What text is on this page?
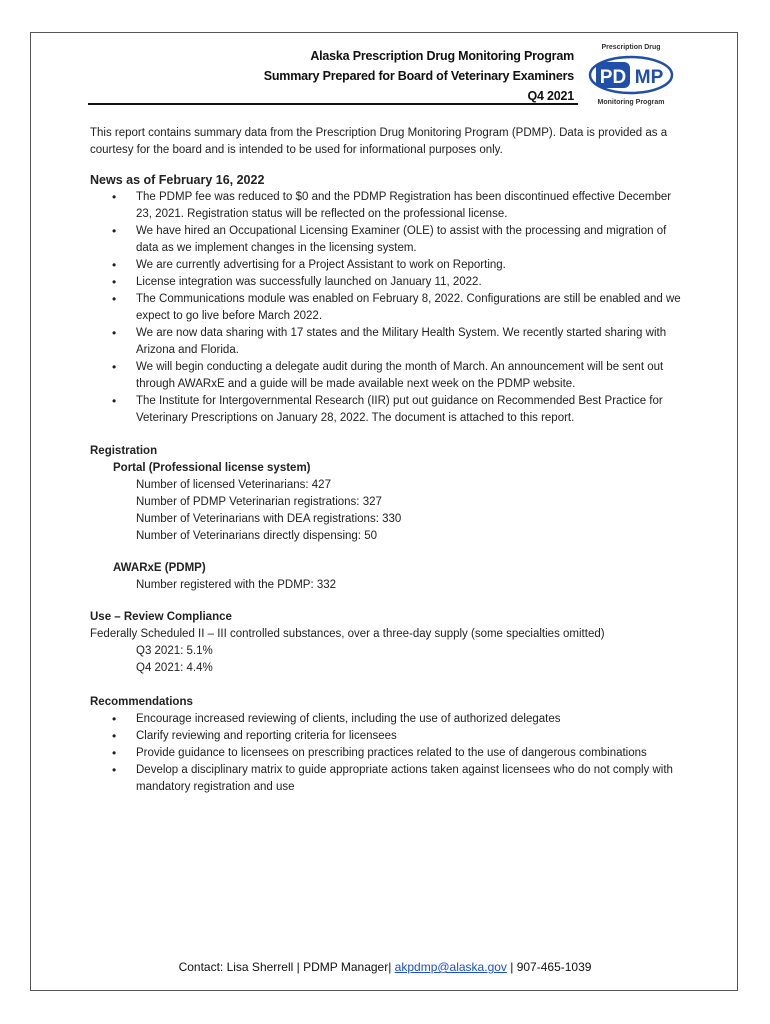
Alaska Prescription Drug Monitoring Program
Summary Prepared for Board of Veterinary Examiners
Q4 2021
Prescription Drug
PD MP
Monitoring Program

This report contains summary data from the Prescription Drug Monitoring Program (PDMP). Data is provided as a courtesy for the board and is intended to be used for informational purposes only.

News as of February 16, 2022

• The PDMP fee was reduced to $0 and the PDMP Registration has been discontinued effective December 23, 2021. Registration status will be reflected on the professional license.
• We have hired an Occupational Licensing Examiner (OLE) to assist with the processing and migration of data as we implement changes in the licensing system.
• We are currently advertising for a Project Assistant to work on Reporting.
• License integration was successfully launched on January 11, 2022.
• The Communications module was enabled on February 8, 2022. Configurations are still be enabled and we expect to go live before March 2022.
• We are now data sharing with 17 states and the Military Health System. We recently started sharing with Arizona and Florida.
• We will begin conducting a delegate audit during the month of March. An announcement will be sent out through AWARxE and a guide will be made available next week on the PDMP website.
• The Institute for Intergovernmental Research (IIR) put out guidance on Recommended Best Practice for Veterinary Prescriptions on January 28, 2022. The document is attached to this report.

Registration

Portal (Professional license system)
Number of licensed Veterinarians: 427
Number of PDMP Veterinarian registrations: 327
Number of Veterinarians with DEA registrations: 330
Number of Veterinarians directly dispensing: 50
AWARxE (PDMP)
Number registered with the PDMP: 332

Use – Review Compliance

Federally Scheduled II – III controlled substances, over a three-day supply (some specialties omitted)
Q3 2021: 5.1%
Q4 2021: 4.4%

Recommendations

• Encourage increased reviewing of clients, including the use of authorized delegates
• Clarify reviewing and reporting criteria for licensees
• Provide guidance to licensees on prescribing practices related to the use of dangerous combinations
• Develop a disciplinary matrix to guide appropriate actions taken against licensees who do not comply with mandatory registration and use
Contact: Lisa Sherrell | PDMP Manager| akpdmp@alaska.gov | 907-465-1039
